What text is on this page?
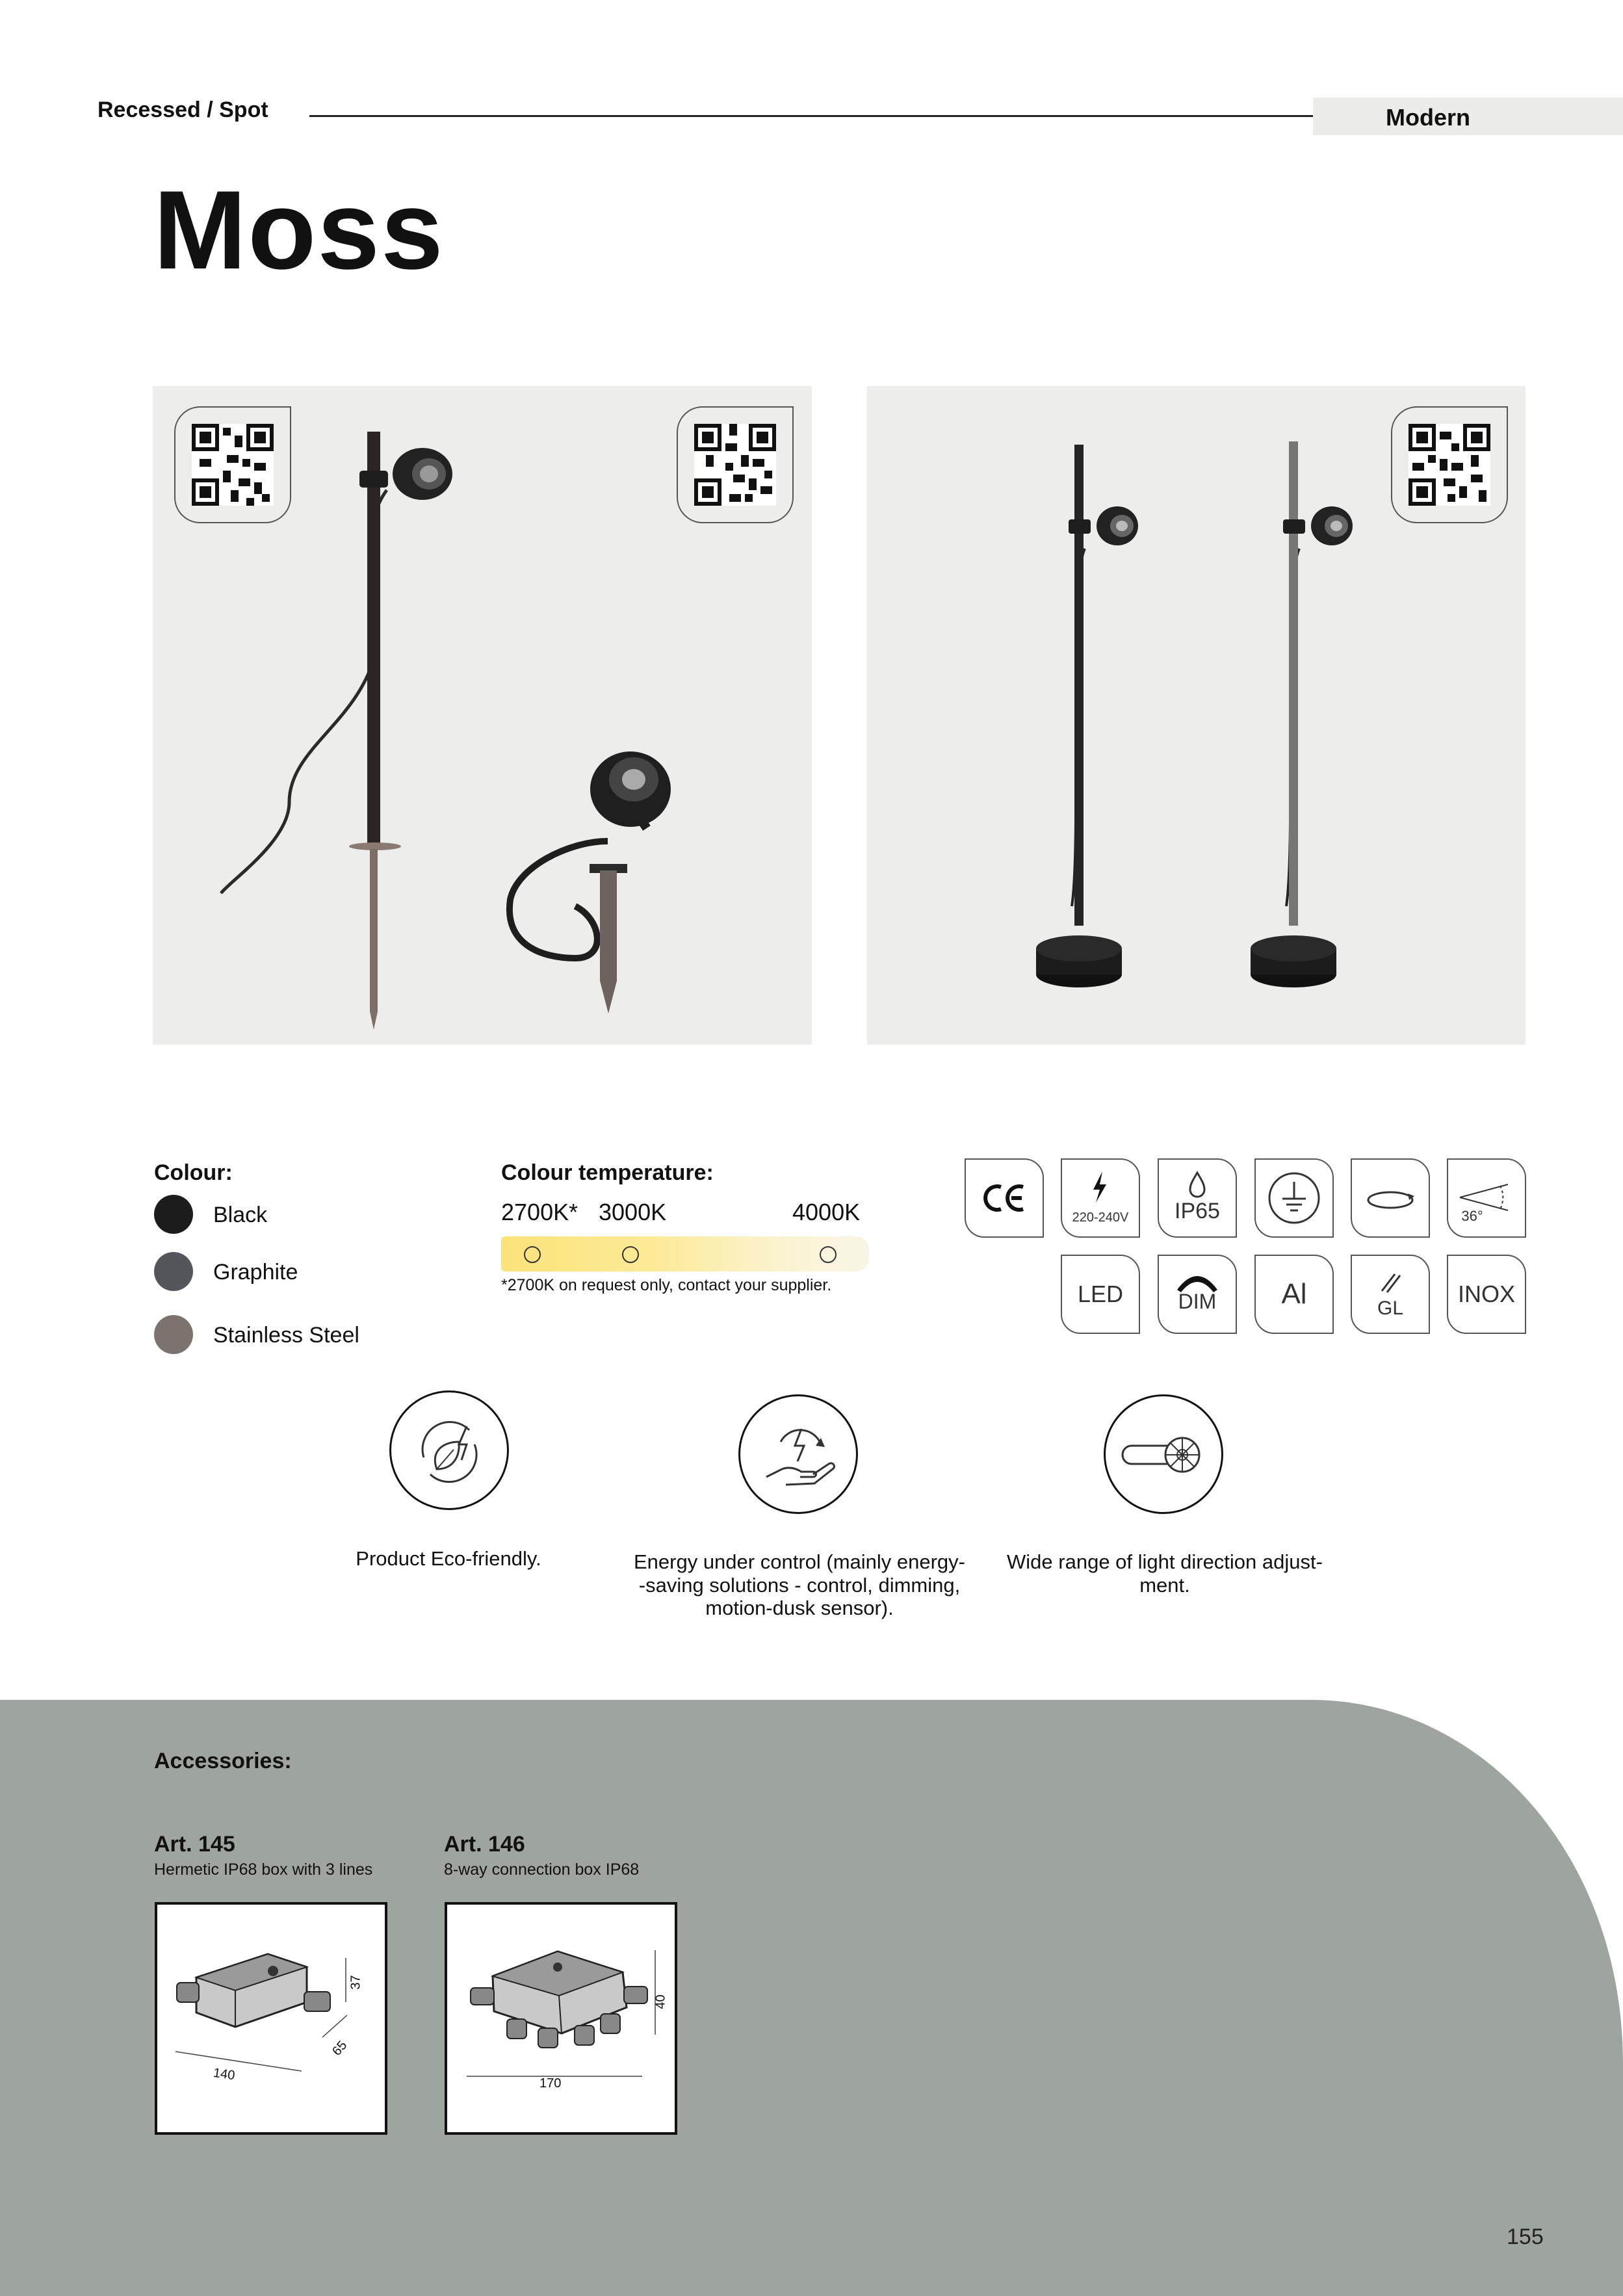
Recessed / Spot	Modern
Moss
Colour:
Black
Graphite
Stainless Steel
Colour temperature:
2700K* 3000K	4000K
*2700K on request only, contact your supplier.
220-240V	IP65	36°
LED	DIM	Al	GL
INOX
Product Eco-friendly.	Energy under control (mainly energy-
-saving solutions - control, dimming,
motion-dusk sensor).
Wide range of light direction adjust-
ment.
Accessories:
Art. 145
Hermetic IP68 box with 3 lines
37
65
140
Art. 146
8-way connection box IP68
40
170
155
